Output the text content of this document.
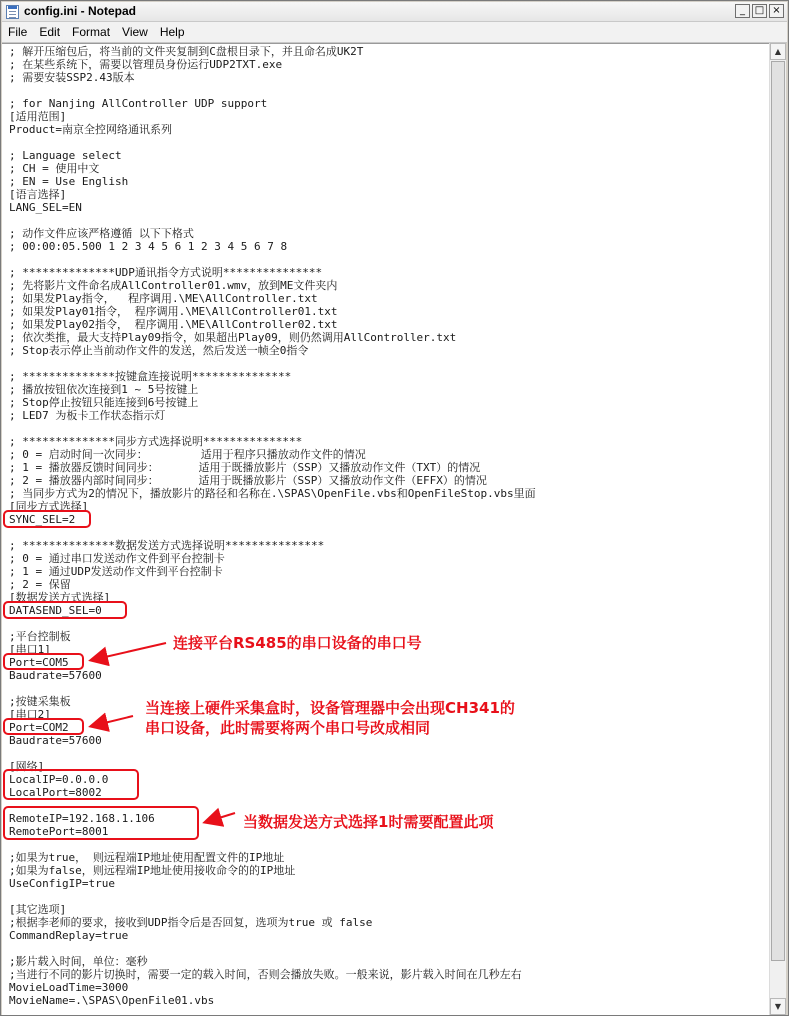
config.ini - Notepad	_ □ ×
File	Edit	Format	View	Help
; 解开压缩包后，将当前的文件夹复制到C盘根目录下，并且命名成UK2T
; 在某些系统下，需要以管理员身份运行UDP2TXT.exe
; 需要安装SSP2.43版本
; for Nanjing AllController UDP support
[适用范围]
Product=南京全控网络通讯系列
; Language select
; CH = 使用中文
; EN = Use English
[语言选择]
LANG_SEL=EN
; 动作文件应该严格遵循 以下下格式
; 00:00:05.500 1 2 3 4 5 6 1 2 3 4 5 6 7 8
; **************UDP通讯指令方式说明***************
; 先将影片文件命名成AllController01.wmv，放到ME文件夹内
; 如果发Play指令，  程序调用.\ME\AllController.txt
; 如果发Play01指令， 程序调用.\ME\AllController01.txt
; 如果发Play02指令， 程序调用.\ME\AllController02.txt
; 依次类推，最大支持Play09指令，如果超出Play09，则仍然调用AllController.txt
; Stop表示停止当前动作文件的发送，然后发送一帧全0指令
; **************按键盒连接说明***************
; 播放按钮依次连接到1 ~ 5号按键上
; Stop停止按钮只能连接到6号按键上
; LED7 为板卡工作状态指示灯
; **************同步方式选择说明***************
; 0 = 启动时间一次同步：        适用于程序只播放动作文件的情况
; 1 = 播放器反馈时间同步：      适用于既播放影片（SSP）又播放动作文件（TXT）的情况
; 2 = 播放器内部时间同步：      适用于既播放影片（SSP）又播放动作文件（EFFX）的情况
; 当同步方式为2的情况下，播放影片的路径和名称在.\SPAS\OpenFile.vbs和OpenFileStop.vbs里面
[同步方式选择]
SYNC_SEL=2
; **************数据发送方式选择说明***************
; 0 = 通过串口发送动作文件到平台控制卡
; 1 = 通过UDP发送动作文件到平台控制卡
; 2 = 保留
[数据发送方式选择]
DATASEND_SEL=0
;平台控制板
[串口1]
Port=COM5
Baudrate=57600
;按键采集板
[串口2]
Port=COM2
Baudrate=57600
[网络]
LocalIP=0.0.0.0
LocalPort=8002
RemoteIP=192.168.1.106
RemotePort=8001
;如果为true， 则远程端IP地址使用配置文件的IP地址
;如果为false，则远程端IP地址使用接收命令的的IP地址
UseConfigIP=true
[其它选项]
;根据李老师的要求，接收到UDP指令后是否回复，选项为true 或 false
CommandReplay=true
;影片载入时间，单位：毫秒
;当进行不同的影片切换时，需要一定的载入时间，否则会播放失败。一般来说，影片载入时间在几秒左右
MovieLoadTime=3000
MovieName=.\SPAS\OpenFile01.vbs
▲
▼
连接平台RS485的串口设备的串口号
当连接上硬件采集盒时，设备管理器中会出现CH341的
串口设备，此时需要将两个串口号改成相同
当数据发送方式选择1时需要配置此项
